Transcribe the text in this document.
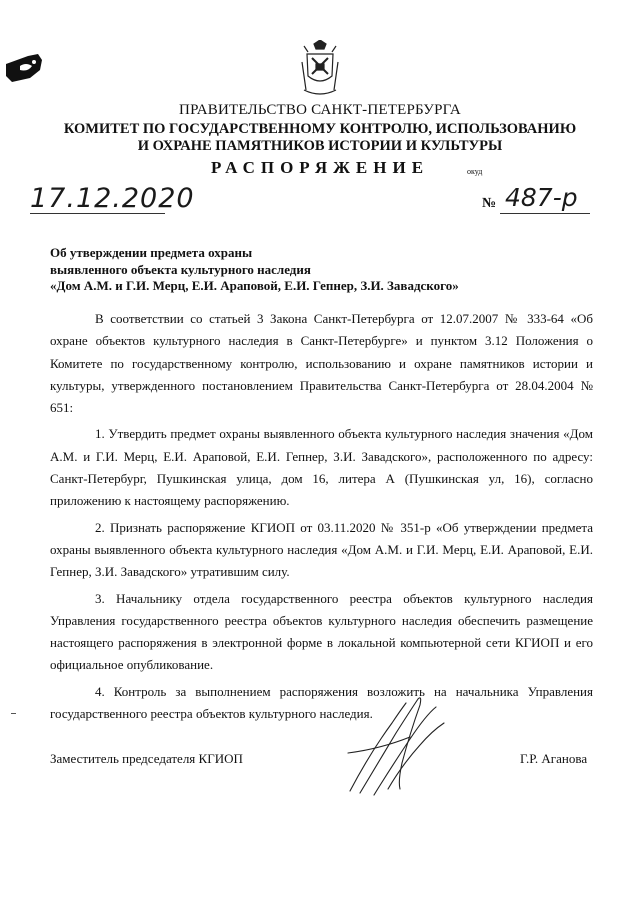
ПРАВИТЕЛЬСТВО САНКТ-ПЕТЕРБУРГА
КОМИТЕТ ПО ГОСУДАРСТВЕННОМУ КОНТРОЛЮ, ИСПОЛЬЗОВАНИЮ
И ОХРАНЕ ПАМЯТНИКОВ ИСТОРИИ И КУЛЬТУРЫ
РАСПОРЯЖЕНИЕ	окуд
17.12.2020	№ 487-р
Об утверждении предмета охраны
выявленного объекта культурного наследия
«Дом А.М. и Г.И. Мерц, Е.И. Араповой, Е.И. Гепнер, З.И. Завадского»

В соответствии со статьей 3 Закона Санкт-Петербурга от 12.07.2007 № 333-64 «Об охране объектов культурного наследия в Санкт-Петербурге» и пунктом 3.12 Положения о Комитете по государственному контролю, использованию и охране памятников истории и культуры, утвержденного постановлением Правительства Санкт-Петербурга от 28.04.2004 № 651:

1. Утвердить предмет охраны выявленного объекта культурного наследия значения «Дом А.М. и Г.И. Мерц, Е.И. Араповой, Е.И. Гепнер, З.И. Завадского», расположенного по адресу: Санкт-Петербург, Пушкинская улица, дом 16, литера А (Пушкинская ул, 16), согласно приложению к настоящему распоряжению.

2. Признать распоряжение КГИОП от 03.11.2020 № 351-р «Об утверждении предмета охраны выявленного объекта культурного наследия «Дом А.М. и Г.И. Мерц, Е.И. Араповой, Е.И. Гепнер, З.И. Завадского» утратившим силу.

3. Начальнику отдела государственного реестра объектов культурного наследия Управления государственного реестра объектов культурного наследия обеспечить размещение настоящего распоряжения в электронной форме в локальной компьютерной сети КГИОП и его официальное опубликование.

4. Контроль за выполнением распоряжения возложить на начальника Управления государственного реестра объектов культурного наследия.

Заместитель председателя КГИОП	Г.Р. Аганова
